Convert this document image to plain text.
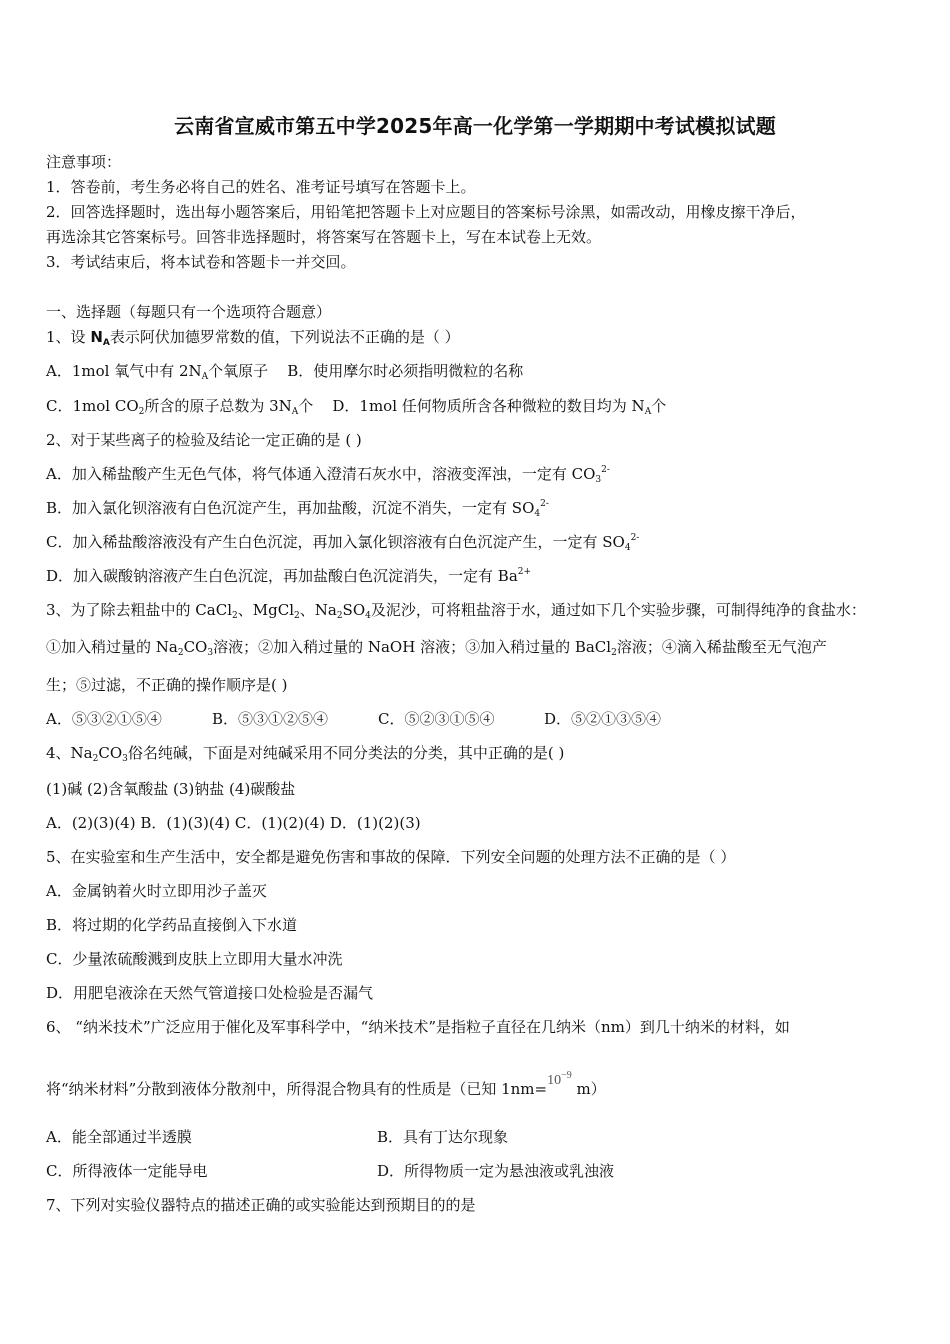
云南省宣威市第五中学2025年高一化学第一学期期中考试模拟试题
注意事项：
1．答卷前，考生务必将自己的姓名、准考证号填写在答题卡上。
2．回答选择题时，选出每小题答案后，用铅笔把答题卡上对应题目的答案标号涂黑，如需改动，用橡皮擦干净后，
再选涂其它答案标号。回答非选择题时，将答案写在答题卡上，写在本试卷上无效。
3．考试结束后，将本试卷和答题卡一并交回。
一、选择题（每题只有一个选项符合题意）
1、设 $N_A$表示阿伏加德罗常数的值，下列说法不正确的是（ ）
A．1mol 氧气中有 $2N_A$个氧原子 B．使用摩尔时必须指明微粒的名称
C．1mol $CO_2$所含的原子总数为 $3N_A$个 D．1mol 任何物质所含各种微粒的数目均为 $N_A$个
2、对于某些离子的检验及结论一定正确的是 ( )
A．加入稀盐酸产生无色气体，将气体通入澄清石灰水中，溶液变浑浊，一定有 $CO_3^{2-}$
B．加入氯化钡溶液有白色沉淀产生，再加盐酸，沉淀不消失，一定有 $SO_4^{2-}$
C．加入稀盐酸溶液没有产生白色沉淀，再加入氯化钡溶液有白色沉淀产生，一定有 $SO_4^{2-}$
D．加入碳酸钠溶液产生白色沉淀，再加盐酸白色沉淀消失，一定有 $Ba^{2+}$
3、为了除去粗盐中的 CaCl$_2$、MgCl$_2$、$Na_2SO_4$及泥沙，可将粗盐溶于水，通过如下几个实验步骤，可制得纯净的食盐水：
①加入稍过量的 $Na_2CO_3$溶液；②加入稍过量的 NaOH 溶液；③加入稍过量的 BaCl$_2$溶液；④滴入稀盐酸至无气泡产
生；⑤过滤，不正确的操作顺序是( )
A．⑤③②①⑤④	B．⑤③①②⑤④	C．⑤②③①⑤④	D．⑤②①③⑤④
4、$Na_2CO_3$俗名纯碱，下面是对纯碱采用不同分类法的分类，其中正确的是( )
(1)碱 (2)含氧酸盐 (3)钠盐 (4)碳酸盐
A．(2)(3)(4) B．(1)(3)(4) C．(1)(2)(4) D．(1)(2)(3)
5、在实验室和生产生活中，安全都是避免伤害和事故的保障．下列安全问题的处理方法不正确的是（ ）
A．金属钠着火时立即用沙子盖灭
B．将过期的化学药品直接倒入下水道
C．少量浓硫酸溅到皮肤上立即用大量水冲洗
D．用肥皂液涂在天然气管道接口处检验是否漏气
6、 “纳米技术”广泛应用于催化及军事科学中，“纳米技术”是指粒子直径在几纳米（nm）到几十纳米的材料，如
将“纳米材料”分散到液体分散剂中，所得混合物具有的性质是（已知 $1nm=10^{-9}$ m）
A．能全部通过半透膜	B．具有丁达尔现象
C．所得液体一定能导电	D．所得物质一定为悬浊液或乳浊液
7、下列对实验仪器特点的描述正确的或实验能达到预期目的的是
